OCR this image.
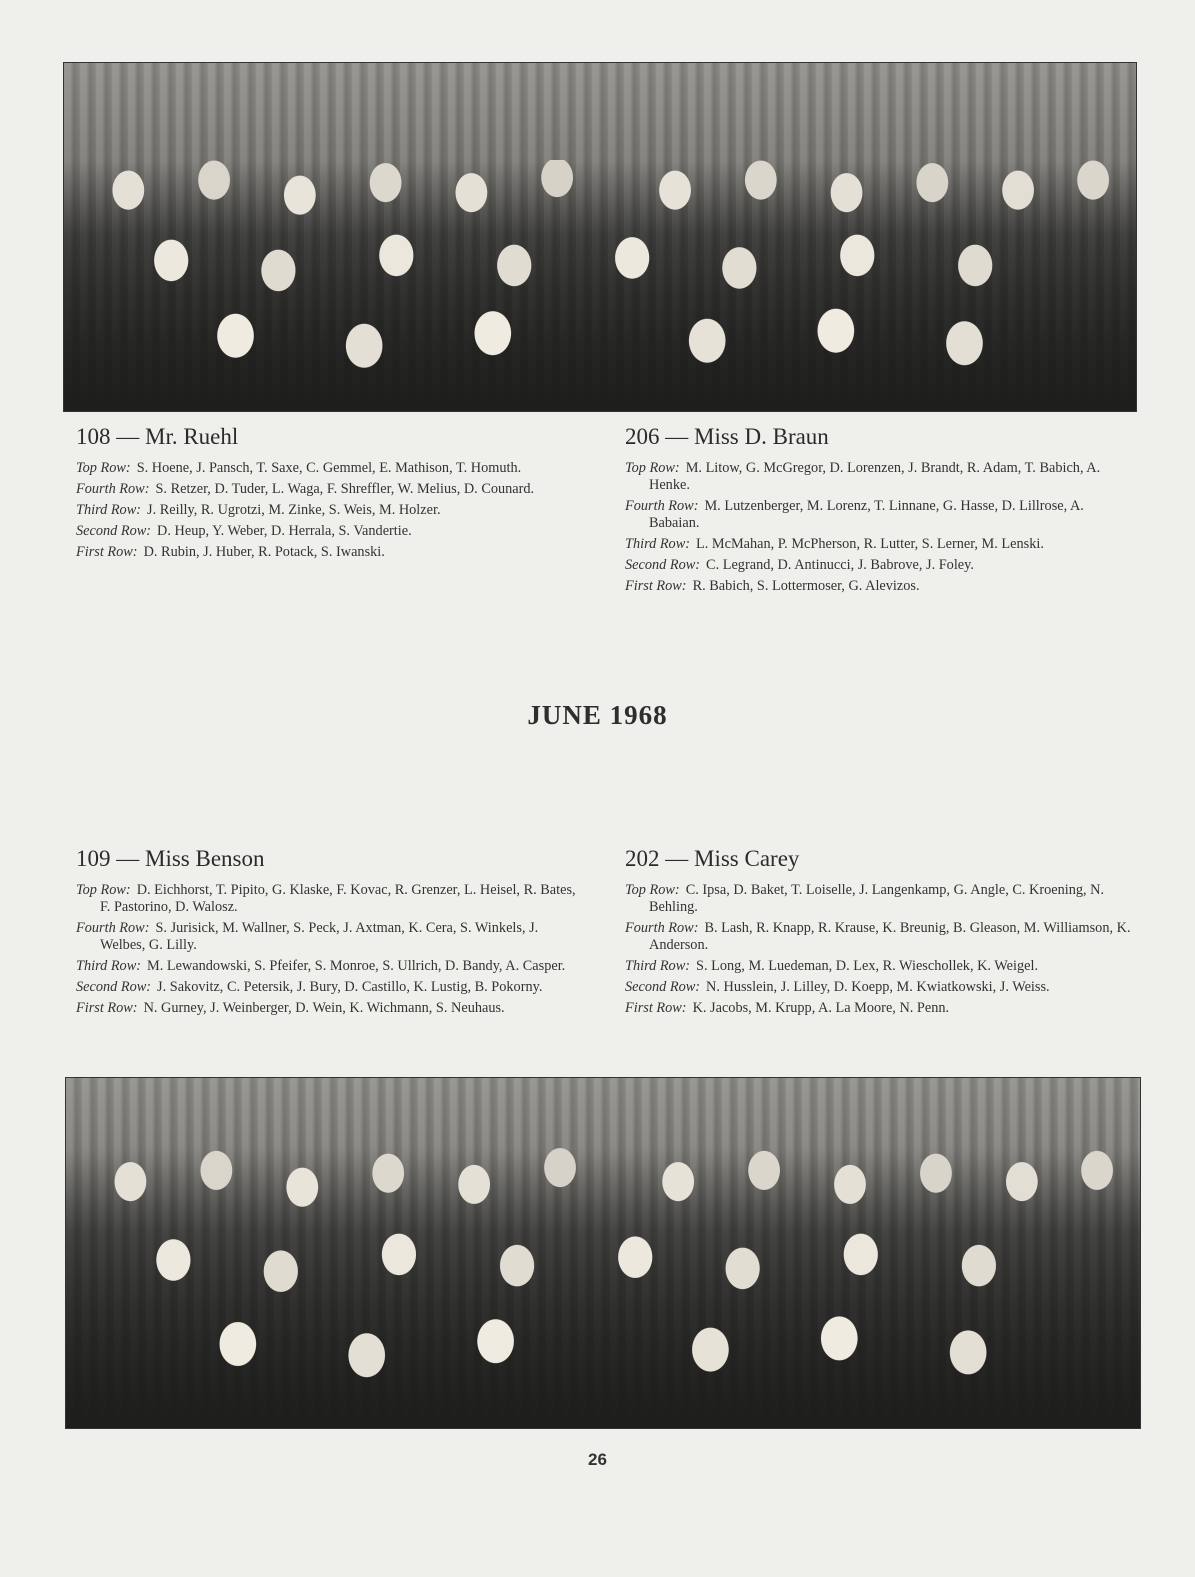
108 — Mr. Ruehl
Top Row: S. Hoene, J. Pansch, T. Saxe, C. Gemmel, E. Mathison, T. Homuth.
Fourth Row: S. Retzer, D. Tuder, L. Waga, F. Shreffler, W. Melius, D. Counard.
Third Row: J. Reilly, R. Ugrotzi, M. Zinke, S. Weis, M. Holzer.
Second Row: D. Heup, Y. Weber, D. Herrala, S. Vandertie.
First Row: D. Rubin, J. Huber, R. Potack, S. Iwanski.
206 — Miss D. Braun
Top Row: M. Litow, G. McGregor, D. Lorenzen, J. Brandt, R. Adam, T. Babich, A. Henke.
Fourth Row: M. Lutzenberger, M. Lorenz, T. Linnane, G. Hasse, D. Lillrose, A. Babaian.
Third Row: L. McMahan, P. McPherson, R. Lutter, S. Lerner, M. Lenski.
Second Row: C. Legrand, D. Antinucci, J. Babrove, J. Foley.
First Row: R. Babich, S. Lottermoser, G. Alevizos.
JUNE 1968
109 — Miss Benson
Top Row: D. Eichhorst, T. Pipito, G. Klaske, F. Kovac, R. Grenzer, L. Heisel, R. Bates, F. Pastorino, D. Walosz.
Fourth Row: S. Jurisick, M. Wallner, S. Peck, J. Axtman, K. Cera, S. Winkels, J. Welbes, G. Lilly.
Third Row: M. Lewandowski, S. Pfeifer, S. Monroe, S. Ullrich, D. Bandy, A. Casper.
Second Row: J. Sakovitz, C. Petersik, J. Bury, D. Castillo, K. Lustig, B. Pokorny.
First Row: N. Gurney, J. Weinberger, D. Wein, K. Wichmann, S. Neuhaus.
202 — Miss Carey
Top Row: C. Ipsa, D. Baket, T. Loiselle, J. Langenkamp, G. Angle, C. Kroening, N. Behling.
Fourth Row: B. Lash, R. Knapp, R. Krause, K. Breunig, B. Gleason, M. Williamson, K. Anderson.
Third Row: S. Long, M. Luedeman, D. Lex, R. Wieschollek, K. Weigel.
Second Row: N. Husslein, J. Lilley, D. Koepp, M. Kwiatkowski, J. Weiss.
First Row: K. Jacobs, M. Krupp, A. La Moore, N. Penn.
26
